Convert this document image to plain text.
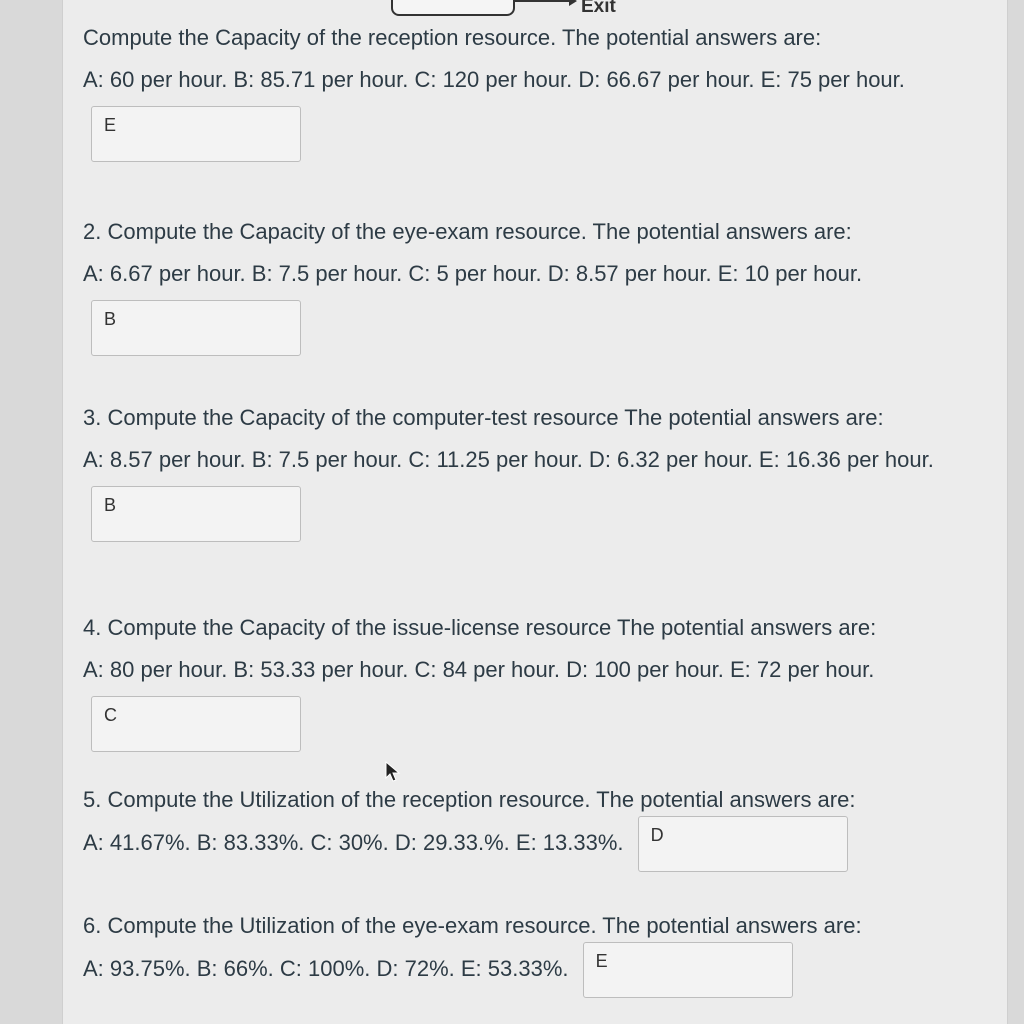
Exit
Compute the Capacity of the reception resource. The potential answers are:
A: 60 per hour. B: 85.71 per hour. C: 120 per hour. D: 66.67 per hour. E: 75 per hour. E
2. Compute the Capacity of the eye-exam resource. The potential answers are:
A: 6.67 per hour. B: 7.5 per hour. C: 5 per hour. D: 8.57 per hour. E: 10 per hour. B
3. Compute the Capacity of the computer-test resource The potential answers are:
A: 8.57 per hour. B: 7.5 per hour. C: 11.25 per hour. D: 6.32 per hour. E: 16.36 per hour. B
4. Compute the Capacity of the issue-license resource The potential answers are:
A: 80 per hour. B: 53.33 per hour. C: 84 per hour. D: 100 per hour. E: 72 per hour. C
5. Compute the Utilization of the reception resource. The potential answers are:
A: 41.67%. B: 83.33%. C: 30%. D: 29.33.%. E: 13.33%. D
6. Compute the Utilization of the eye-exam resource. The potential answers are:
A: 93.75%. B: 66%. C: 100%. D: 72%. E: 53.33%. E
